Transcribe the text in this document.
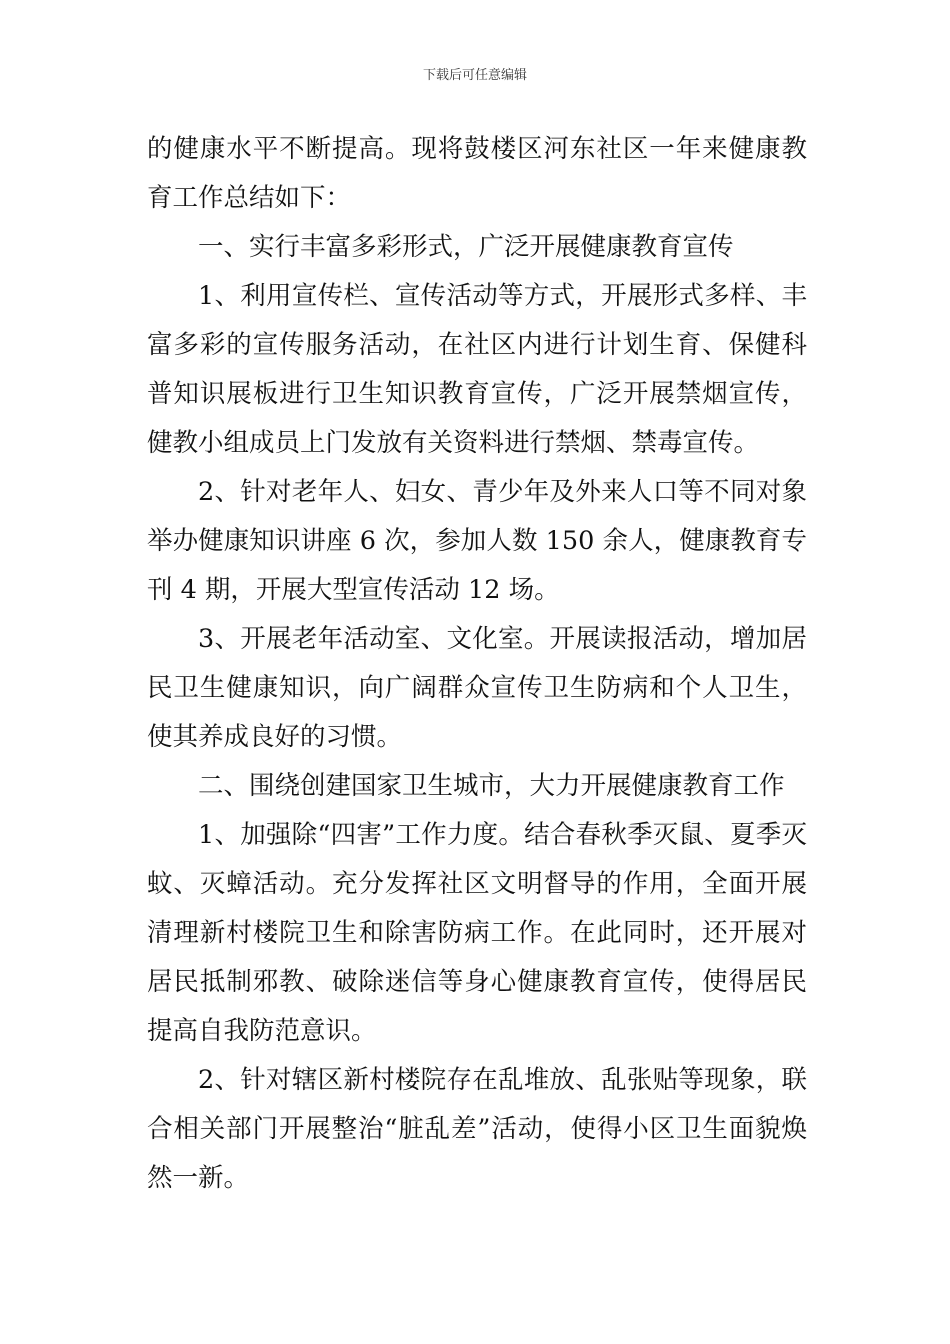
下载后可任意编辑

的健康水平不断提高。现将鼓楼区河东社区一年来健康教育工作总结如下：

一、实行丰富多彩形式，广泛开展健康教育宣传

1、利用宣传栏、宣传活动等方式，开展形式多样、丰富多彩的宣传服务活动，在社区内进行计划生育、保健科普知识展板进行卫生知识教育宣传，广泛开展禁烟宣传，健教小组成员上门发放有关资料进行禁烟、禁毒宣传。

2、针对老年人、妇女、青少年及外来人口等不同对象举办健康知识讲座 6 次，参加人数 150 余人，健康教育专刊 4 期，开展大型宣传活动 12 场。

3、开展老年活动室、文化室。开展读报活动，增加居民卫生健康知识，向广阔群众宣传卫生防病和个人卫生，使其养成良好的习惯。

二、围绕创建国家卫生城市，大力开展健康教育工作

1、加强除“四害”工作力度。结合春秋季灭鼠、夏季灭蚊、灭蟑活动。充分发挥社区文明督导的作用，全面开展清理新村楼院卫生和除害防病工作。在此同时，还开展对居民抵制邪教、破除迷信等身心健康教育宣传，使得居民提高自我防范意识。

2、针对辖区新村楼院存在乱堆放、乱张贴等现象，联合相关部门开展整治“脏乱差”活动，使得小区卫生面貌焕然一新。
